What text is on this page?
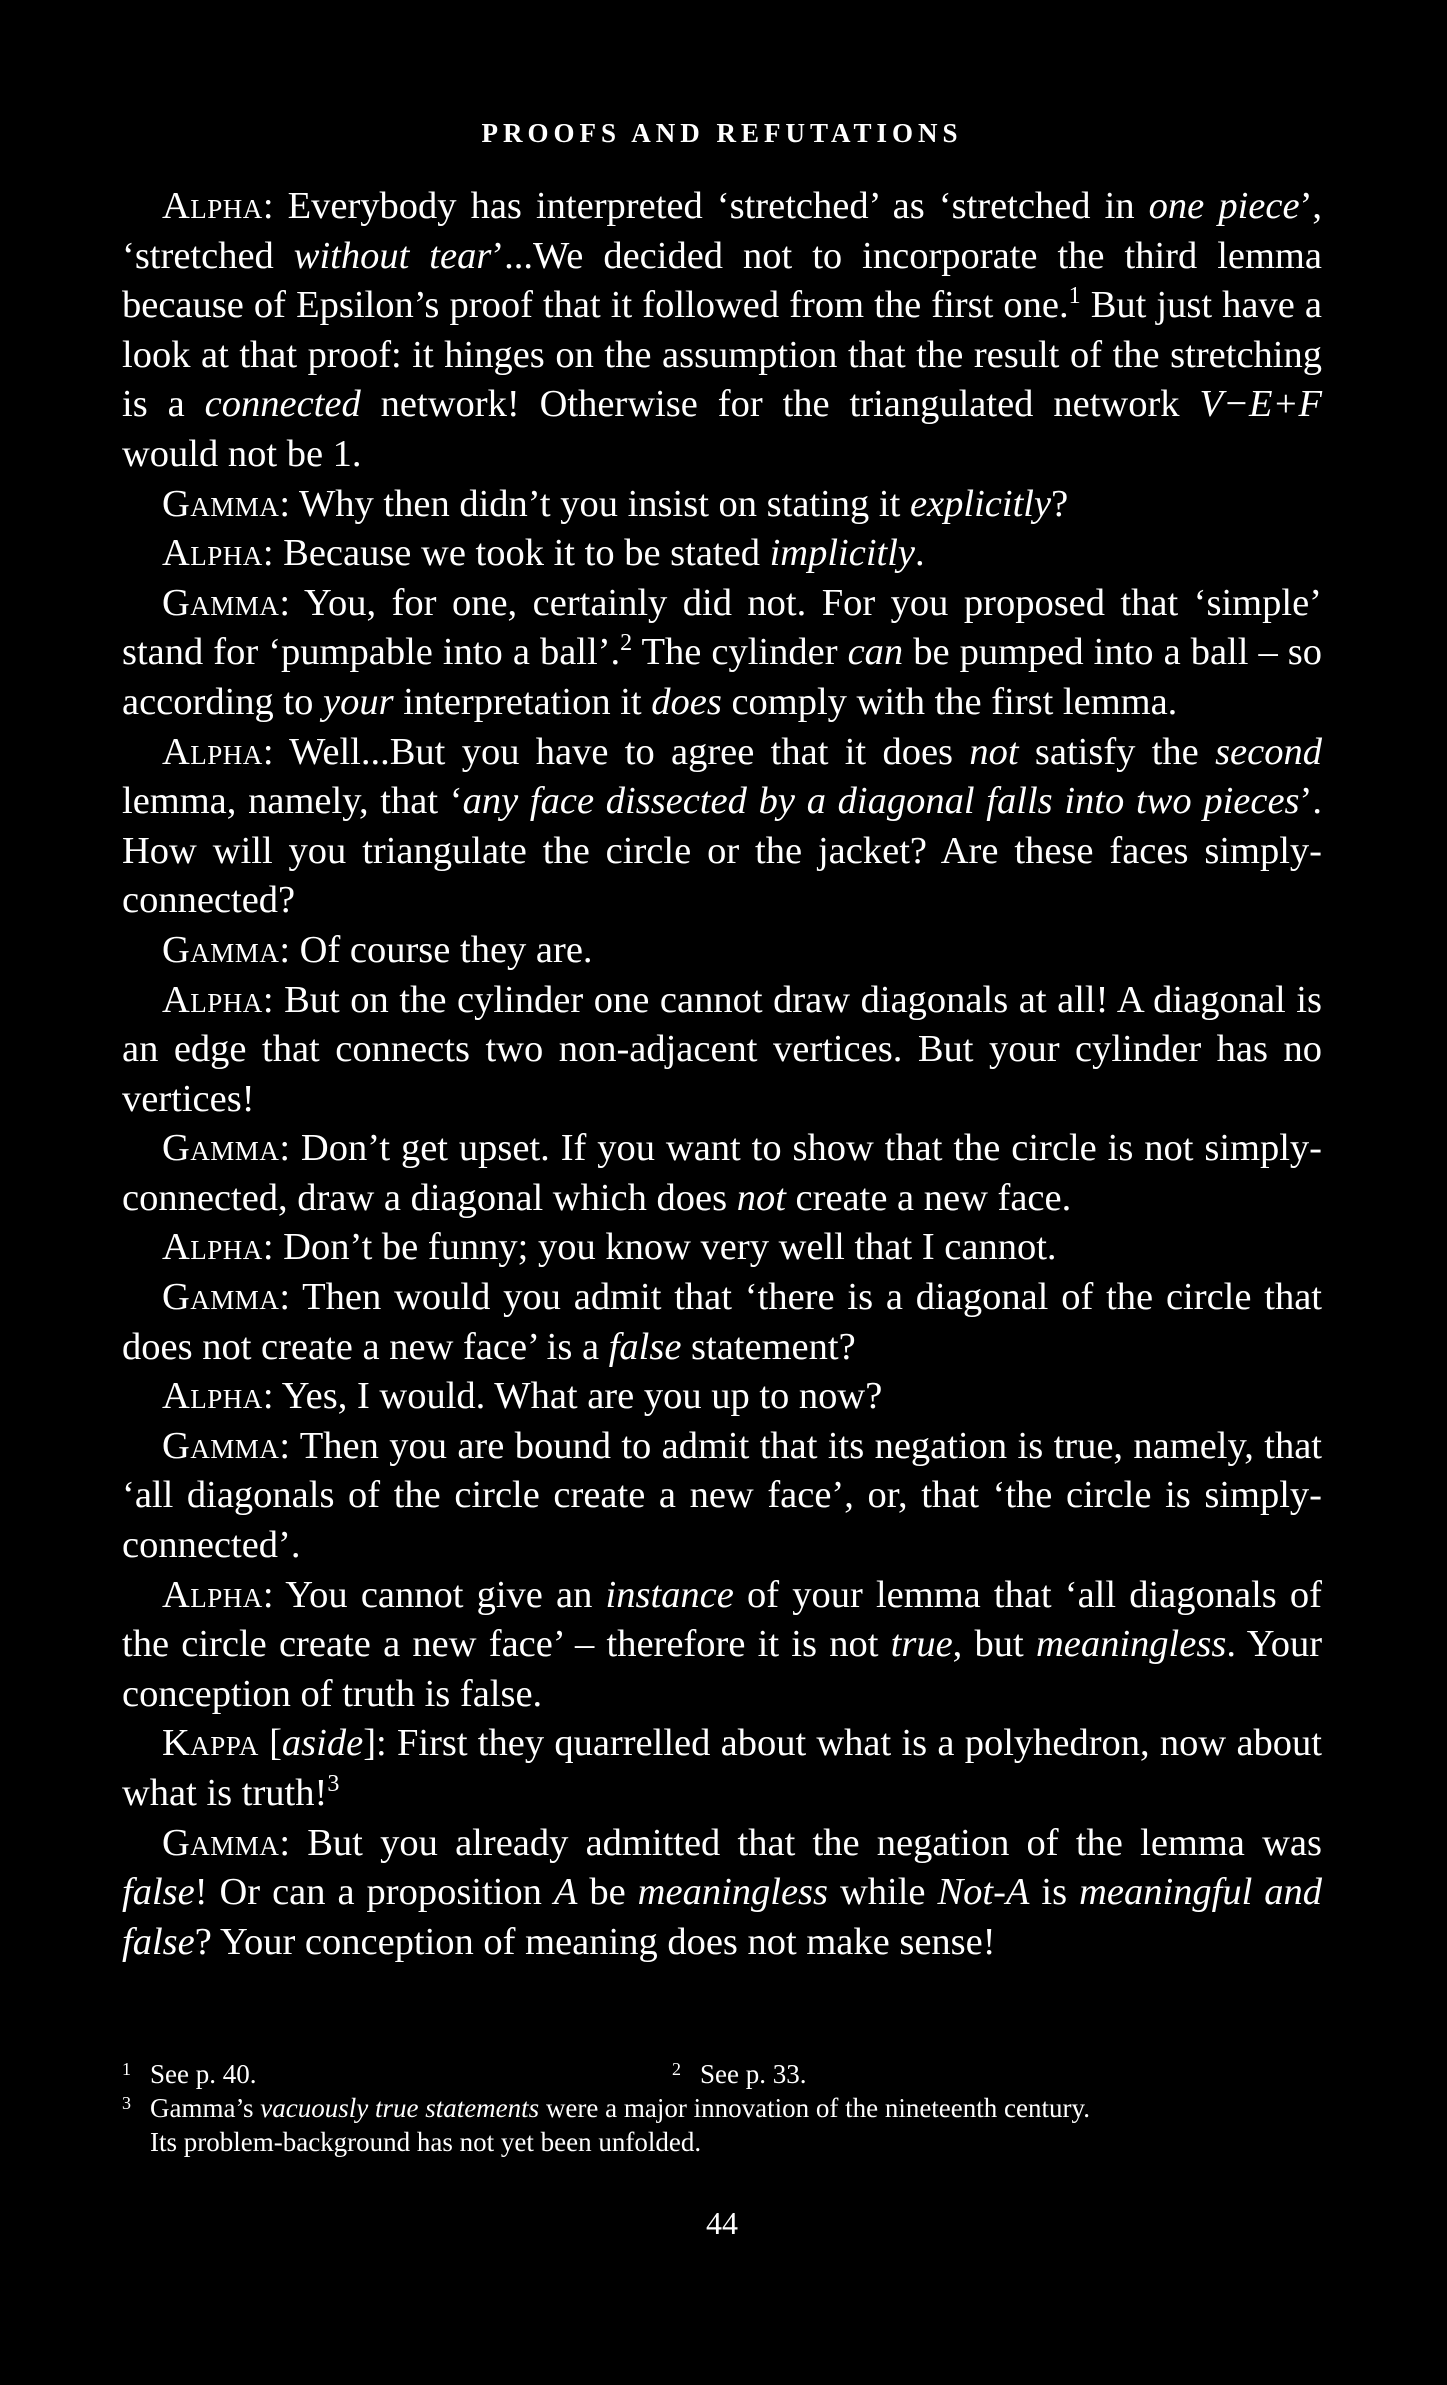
PROOFS AND REFUTATIONS

Alpha: Everybody has interpreted ‘stretched’ as ‘stretched in one piece’, ‘stretched without tear’...We decided not to incorporate the third lemma because of Epsilon’s proof that it followed from the first one.$^1$ But just have a look at that proof: it hinges on the assumption that the result of the stretching is a connected network! Otherwise for the triangulated network V−E+F would not be 1.

Gamma: Why then didn’t you insist on stating it explicitly?

Alpha: Because we took it to be stated implicitly.

Gamma: You, for one, certainly did not. For you proposed that ‘simple’ stand for ‘pumpable into a ball’.$^2$ The cylinder can be pumped into a ball – so according to your interpretation it does comply with the first lemma.

Alpha: Well...But you have to agree that it does not satisfy the second lemma, namely, that ‘any face dissected by a diagonal falls into two pieces’. How will you triangulate the circle or the jacket? Are these faces simply-connected?

Gamma: Of course they are.

Alpha: But on the cylinder one cannot draw diagonals at all! A diagonal is an edge that connects two non-adjacent vertices. But your cylinder has no vertices!

Gamma: Don’t get upset. If you want to show that the circle is not simply-connected, draw a diagonal which does not create a new face.

Alpha: Don’t be funny; you know very well that I cannot.

Gamma: Then would you admit that ‘there is a diagonal of the circle that does not create a new face’ is a false statement?

Alpha: Yes, I would. What are you up to now?

Gamma: Then you are bound to admit that its negation is true, namely, that ‘all diagonals of the circle create a new face’, or, that ‘the circle is simply-connected’.

Alpha: You cannot give an instance of your lemma that ‘all diagonals of the circle create a new face’ – therefore it is not true, but meaningless. Your conception of truth is false.

Kappa [aside]: First they quarrelled about what is a polyhedron, now about what is truth!$^3$

Gamma: But you already admitted that the negation of the lemma was false! Or can a proposition A be meaningless while Not-A is meaningful and false? Your conception of meaning does not make sense!

1 See p. 40.	2 See p. 33.
3 Gamma’s vacuously true statements were a major innovation of the nineteenth century.
Its problem-background has not yet been unfolded.
44
